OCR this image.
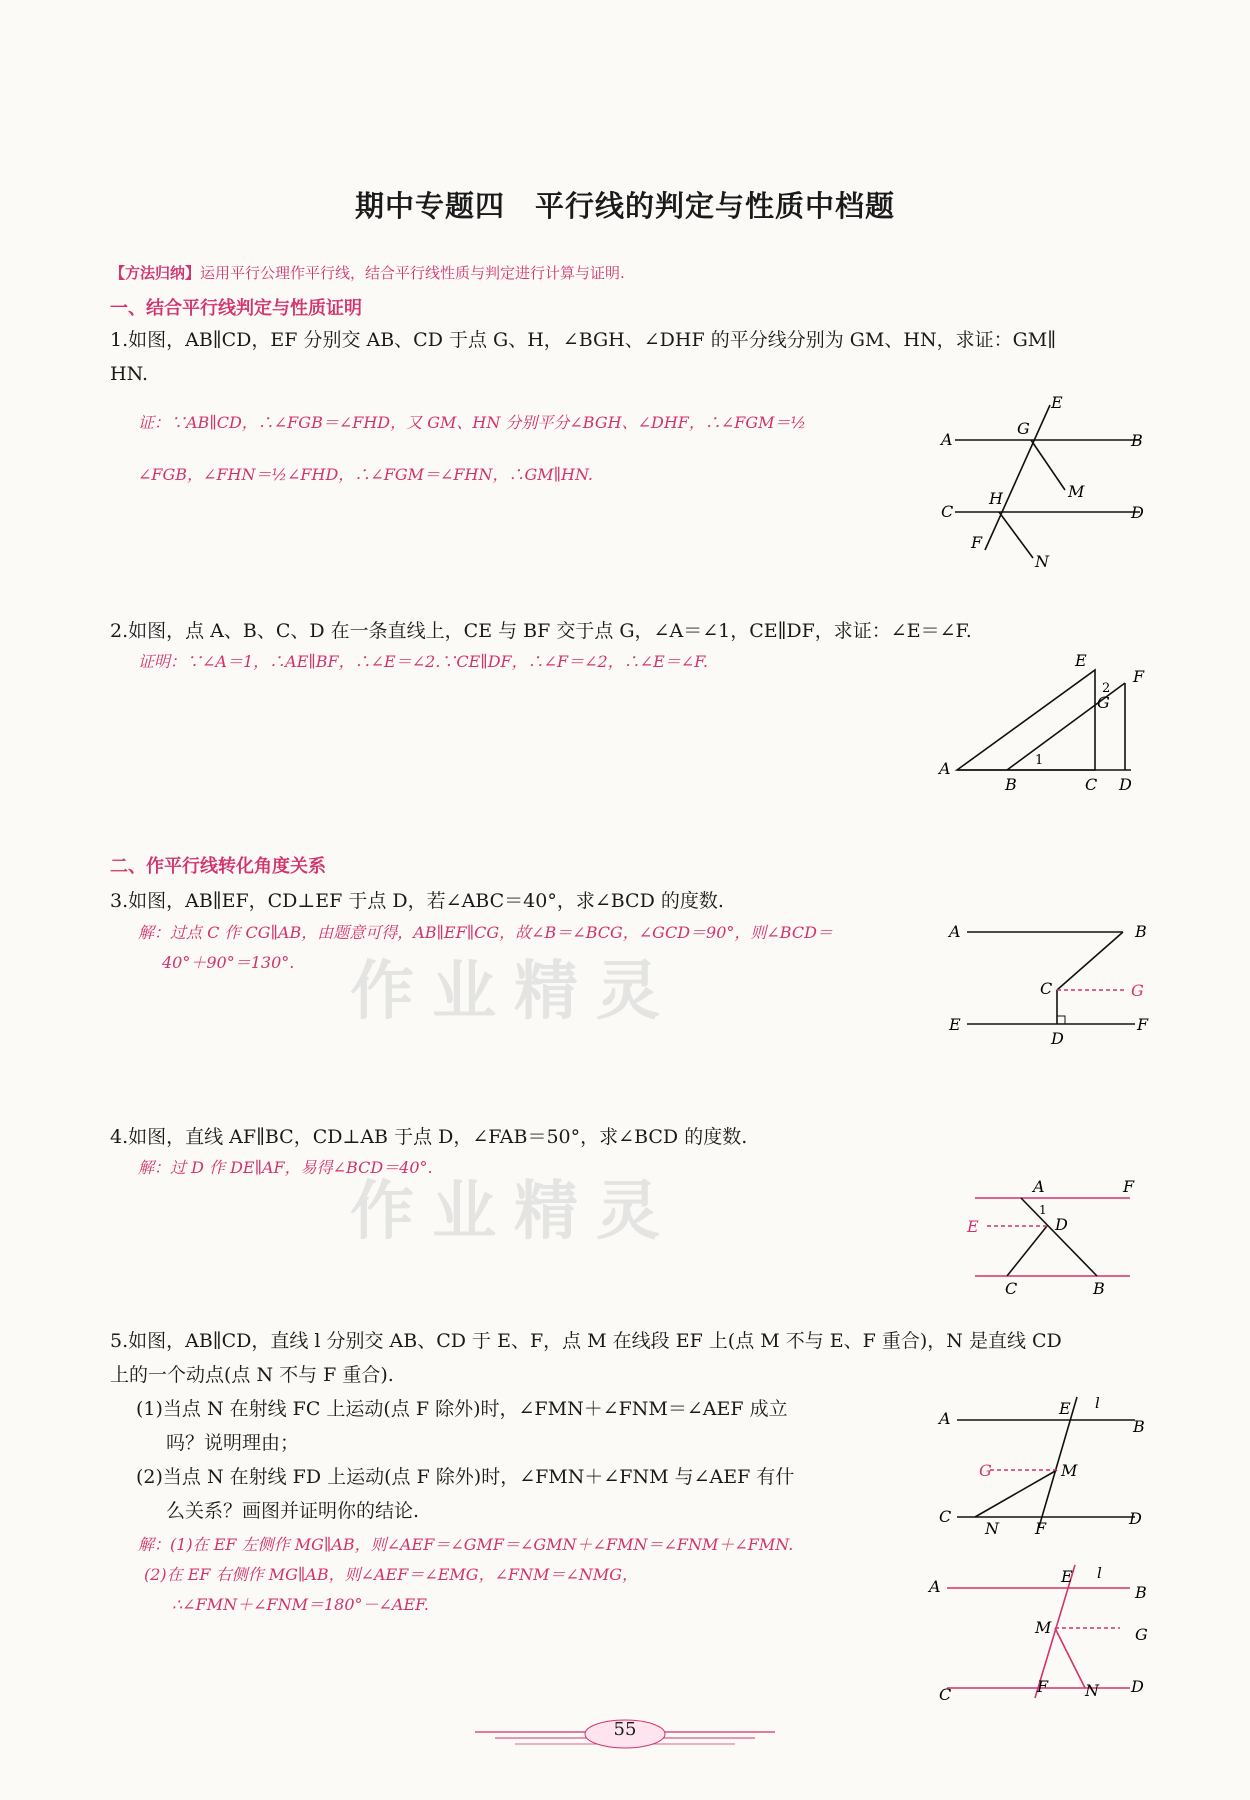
期中专题四　平行线的判定与性质中档题
【方法归纳】运用平行公理作平行线，结合平行线性质与判定进行计算与证明.
一、结合平行线判定与性质证明
1.如图，AB∥CD，EF 分别交 AB、CD 于点 G、H，∠BGH、∠DHF 的平分线分别为 GM、HN，求证：GM∥
HN.
证：∵AB∥CD，∴∠FGB＝∠FHD，又 GM、HN 分别平分∠BGH、∠DHF，∴∠FGM＝½
∠FGB，∠FHN＝½∠FHD，∴∠FGM＝∠FHN，∴GM∥HN.
E
A	B
G
M
C	D
H
F
N
2.如图，点 A、B、C、D 在一条直线上，CE 与 BF 交于点 G，∠A＝∠1，CE∥DF，求证：∠E＝∠F.
证明：∵∠A＝1，∴AE∥BF，∴∠E＝∠2.∵CE∥DF，∴∠F＝∠2，∴∠E＝∠F.	E
F
G
2
1
A
B	C D
二、作平行线转化角度关系
3.如图，AB∥EF，CD⊥EF 于点 D，若∠ABC＝40°，求∠BCD 的度数.
解：过点 C 作 CG∥AB，由题意可得，AB∥EF∥CG，故∠B＝∠BCG，∠GCD＝90°，则∠BCD＝
40°＋90°＝130°.
A	B
C	G
E	F
D
作业精灵
作业精灵
4.如图，直线 AF∥BC，CD⊥AB 于点 D，∠FAB＝50°，求∠BCD 的度数.
解：过 D 作 DE∥AF，易得∠BCD＝40°.
A	F
E
1
D
C	B
5.如图，AB∥CD，直线 l 分别交 AB、CD 于 E、F，点 M 在线段 EF 上(点 M 不与 E、F 重合)，N 是直线 CD
上的一个动点(点 N 不与 F 重合).
(1)当点 N 在射线 FC 上运动(点 F 除外)时，∠FMN＋∠FNM＝∠AEF 成立
吗？说明理由；
(2)当点 N 在射线 FD 上运动(点 F 除外)时，∠FMN＋∠FNM 与∠AEF 有什
么关系？画图并证明你的结论.
解：(1)在 EF 左侧作 MG∥AB，则∠AEF＝∠GMF＝∠GMN＋∠FMN＝∠FNM＋∠FMN.
(2)在 EF 右侧作 MG∥AB，则∠AEF＝∠EMG，∠FNM＝∠NMG，
∴∠FMN＋∠FNM＝180°－∠AEF.
E l
A	B
G	M
C
N F
D
E l
A	B
M	G
C	F N D
55
